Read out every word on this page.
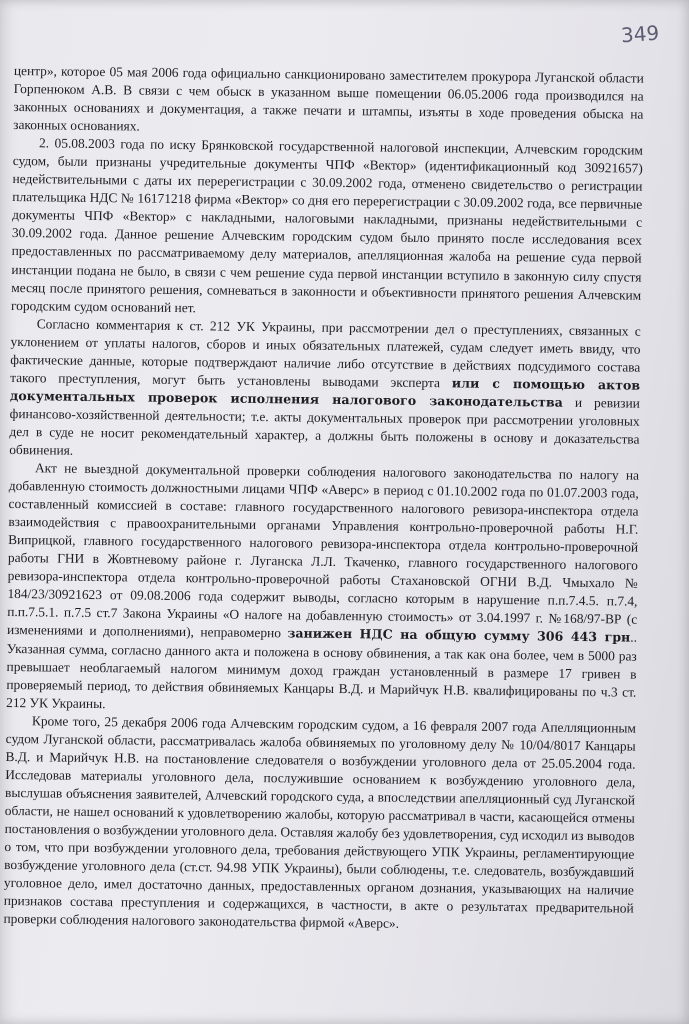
349

центр», которое 05 мая 2006 года официально санкционировано заместителем прокурора Луганской области Горпенюком А.В. В связи с чем обыск в указанном выше помещении 06.05.2006 года производился на законных основаниях и документация, а также печати и штампы, изъяты в ходе проведения обыска на законных основаниях.

2. 05.08.2003 года по иску Брянковской государственной налоговой инспекции, Алчевским городским судом, были признаны учредительные документы ЧПФ «Вектор» (идентификационный код 30921657) недействительными с даты их перерегистрации с 30.09.2002 года, отменено свидетельство о регистрации плательщика НДС № 16171218 фирма «Вектор» со дня его перерегистрации с 30.09.2002 года, все первичные документы ЧПФ «Вектор» с накладными, налоговыми накладными, признаны недействительными с 30.09.2002 года. Данное решение Алчевским городским судом было принято после исследования всех предоставленных по рассматриваемому делу материалов, апелляционная жалоба на решение суда первой инстанции подана не было, в связи с чем решение суда первой инстанции вступило в законную силу спустя месяц после принятого решения, сомневаться в законности и объективности принятого решения Алчевским городским судом оснований нет.

Согласно комментария к ст. 212 УК Украины, при рассмотрении дел о преступлениях, связанных с уклонением от уплаты налогов, сборов и иных обязательных платежей, судам следует иметь ввиду, что фактические данные, которые подтверждают наличие либо отсутствие в действиях подсудимого состава такого преступления, могут быть установлены выводами эксперта или с помощью актов документальных проверок исполнения налогового законодательства и ревизии финансово-хозяйственной деятельности; т.е. акты документальных проверок при рассмотрении уголовных дел в суде не носит рекомендательный характер, а должны быть положены в основу и доказательства обвинения.

Акт не выездной документальной проверки соблюдения налогового законодательства по налогу на добавленную стоимость должностными лицами ЧПФ «Аверс» в период с 01.10.2002 года по 01.07.2003 года, составленный комиссией в составе: главного государственного налогового ревизора-инспектора отдела взаимодействия с правоохранительными органами Управления контрольно-проверочной работы Н.Г. Виприцкой, главного государственного налогового ревизора-инспектора отдела контрольно-проверочной работы ГНИ в Жовтневому районе г. Луганска Л.Л. Ткаченко, главного государственного налогового ревизора-инспектора отдела контрольно-проверочной работы Стахановской ОГНИ В.Д. Чмыхало № 184/23/30921623 от 09.08.2006 года содержит выводы, согласно которым в нарушение п.п.7.4.5. п.7.4, п.п.7.5.1. п.7.5 ст.7 Закона Украины «О налоге на добавленную стоимость» от 3.04.1997 г. №168/97-ВР (с изменениями и дополнениями), неправомерно занижен НДС на общую сумму 306 443 грн.. Указанная сумма, согласно данного акта и положена в основу обвинения, а так как она более, чем в 5000 раз превышает необлагаемый налогом минимум доход граждан установленный в размере 17 гривен в проверяемый период, то действия обвиняемых Канцары В.Д. и Марийчук Н.В. квалифицированы по ч.3 ст. 212 УК Украины.

Кроме того, 25 декабря 2006 года Алчевским городским судом, а 16 февраля 2007 года Апелляционным судом Луганской области, рассматривалась жалоба обвиняемых по уголовному делу № 10/04/8017 Канцары В.Д. и Марийчук Н.В. на постановление следователя о возбуждении уголовного дела от 25.05.2004 года. Исследовав материалы уголовного дела, послужившие основанием к возбуждению уголовного дела, выслушав объяснения заявителей, Алчевский городского суда, а впоследствии апелляционный суд Луганской области, не нашел оснований к удовлетворению жалобы, которую рассматривал в части, касающейся отмены постановления о возбуждении уголовного дела. Оставляя жалобу без удовлетворения, суд исходил из выводов о том, что при возбуждении уголовного дела, требования действующего УПК Украины, регламентирующие возбуждение уголовного дела (ст.ст. 94.98 УПК Украины), были соблюдены, т.е. следователь, возбуждавший уголовное дело, имел достаточно данных, предоставленных органом дознания, указывающих на наличие признаков состава преступления и содержащихся, в частности, в акте о результатах предварительной проверки соблюдения налогового законодательства фирмой «Аверс».
